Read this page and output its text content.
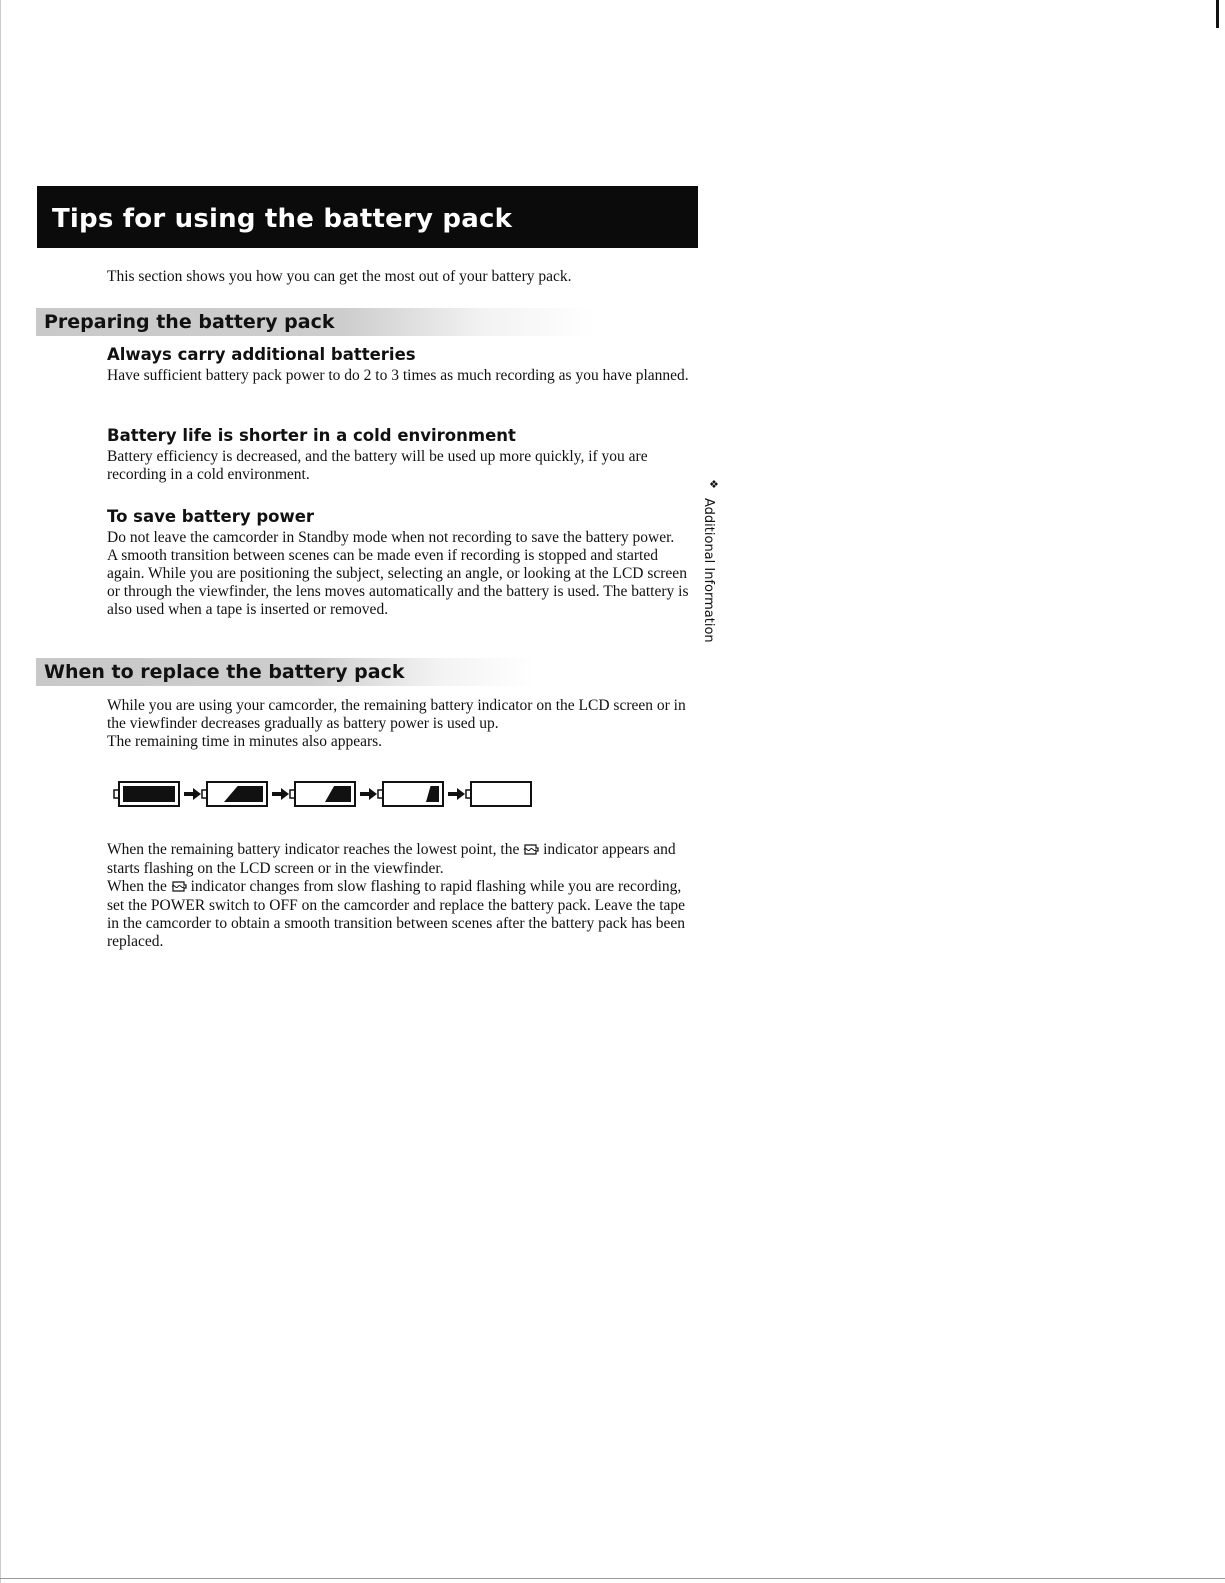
Tips for using the battery pack
This section shows you how you can get the most out of your battery pack.
Preparing the battery pack
Always carry additional batteries

Have sufficient battery pack power to do 2 to 3 times as much recording as you have planned.

Battery life is shorter in a cold environment

Battery efficiency is decreased, and the battery will be used up more quickly, if you are recording in a cold environment.

To save battery power

Do not leave the camcorder in Standby mode when not recording to save the battery power.

A smooth transition between scenes can be made even if recording is stopped and started again. While you are positioning the subject, selecting an angle, or looking at the LCD screen or through the viewfinder, the lens moves automatically and the battery is used. The battery is also used when a tape is inserted or removed.

❖
Additional Information
When to replace the battery pack

While you are using your camcorder, the remaining battery indicator on the LCD screen or in the viewfinder decreases gradually as battery power is used up.

The remaining time in minutes also appears.

When the remaining battery indicator reaches the lowest point, the indicator appears and starts flashing on the LCD screen or in the viewfinder.

When the indicator changes from slow flashing to rapid flashing while you are recording, set the POWER switch to OFF on the camcorder and replace the battery pack. Leave the tape in the camcorder to obtain a smooth transition between scenes after the battery pack has been replaced.
